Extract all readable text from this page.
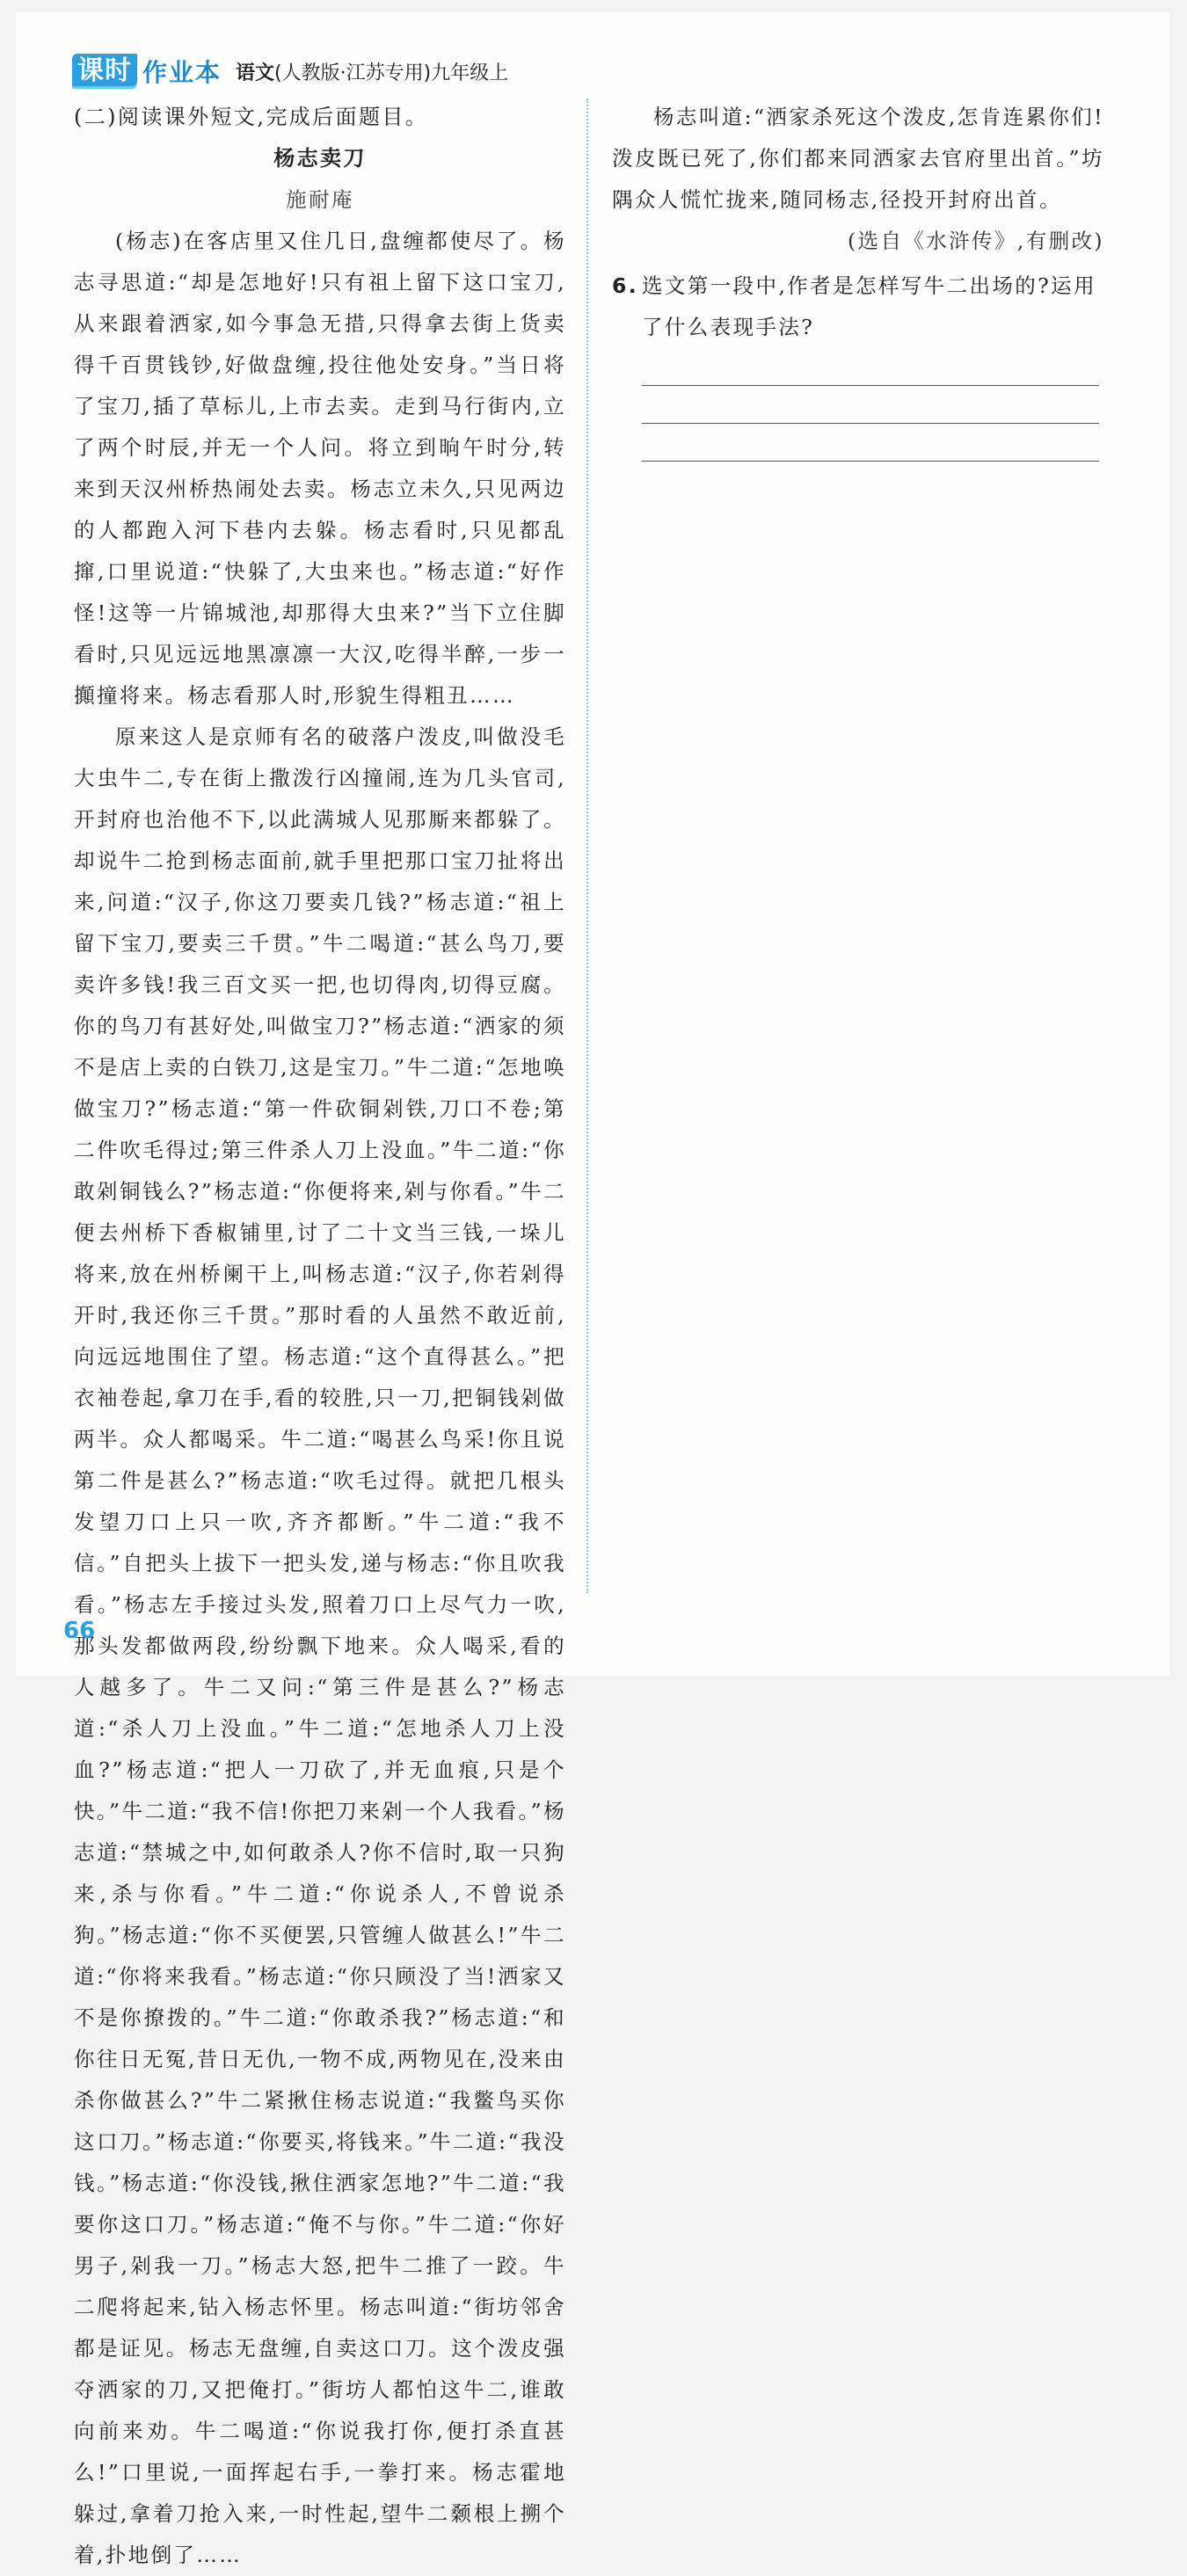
课时 作业本 语文(人教版·江苏专用)九年级上

(二)阅读课外短文,完成后面题目。

杨志卖刀

施耐庵

(杨志)在客店里又住几日,盘缠都使尽了。杨志寻思道:“却是怎地好!只有祖上留下这口宝刀,从来跟着洒家,如今事急无措,只得拿去街上货卖得千百贯钱钞,好做盘缠,投往他处安身。”当日将了宝刀,插了草标儿,上市去卖。走到马行街内,立了两个时辰,并无一个人问。将立到晌午时分,转来到天汉州桥热闹处去卖。杨志立未久,只见两边的人都跑入河下巷内去躲。杨志看时,只见都乱撺,口里说道:“快躲了,大虫来也。”杨志道:“好作怪!这等一片锦城池,却那得大虫来?”当下立住脚看时,只见远远地黑凛凛一大汉,吃得半醉,一步一攧撞将来。杨志看那人时,形貌生得粗丑……

原来这人是京师有名的破落户泼皮,叫做没毛大虫牛二,专在街上撒泼行凶撞闹,连为几头官司,开封府也治他不下,以此满城人见那厮来都躲了。却说牛二抢到杨志面前,就手里把那口宝刀扯将出来,问道:“汉子,你这刀要卖几钱?”杨志道:“祖上留下宝刀,要卖三千贯。”牛二喝道:“甚么鸟刀,要卖许多钱!我三百文买一把,也切得肉,切得豆腐。你的鸟刀有甚好处,叫做宝刀?”杨志道:“洒家的须不是店上卖的白铁刀,这是宝刀。”牛二道:“怎地唤做宝刀?”杨志道:“第一件砍铜剁铁,刀口不卷;第二件吹毛得过;第三件杀人刀上没血。”牛二道:“你敢剁铜钱么?”杨志道:“你便将来,剁与你看。”牛二便去州桥下香椒铺里,讨了二十文当三钱,一垛儿将来,放在州桥阑干上,叫杨志道:“汉子,你若剁得开时,我还你三千贯。”那时看的人虽然不敢近前,向远远地围住了望。杨志道:“这个直得甚么。”把衣袖卷起,拿刀在手,看的较胜,只一刀,把铜钱剁做两半。众人都喝采。牛二道:“喝甚么鸟采!你且说第二件是甚么?”杨志道:“吹毛过得。就把几根头发望刀口上只一吹,齐齐都断。”牛二道:“我不信。”自把头上拔下一把头发,递与杨志:“你且吹我看。”杨志左手接过头发,照着刀口上尽气力一吹,那头发都做两段,纷纷飘下地来。众人喝采,看的人越多了。牛二又问:“第三件是甚么?”杨志道:“杀人刀上没血。”牛二道:“怎地杀人刀上没血?”杨志道:“把人一刀砍了,并无血痕,只是个快。”牛二道:“我不信!你把刀来剁一个人我看。”杨志道:“禁城之中,如何敢杀人?你不信时,取一只狗来,杀与你看。”牛二道:“你说杀人,不曾说杀狗。”杨志道:“你不买便罢,只管缠人做甚么!”牛二道:“你将来我看。”杨志道:“你只顾没了当!洒家又不是你撩拨的。”牛二道:“你敢杀我?”杨志道:“和你往日无冤,昔日无仇,一物不成,两物见在,没来由杀你做甚么?”牛二紧揪住杨志说道:“我鳖鸟买你这口刀。”杨志道:“你要买,将钱来。”牛二道:“我没钱。”杨志道:“你没钱,揪住洒家怎地?”牛二道:“我要你这口刀。”杨志道:“俺不与你。”牛二道:“你好男子,剁我一刀。”杨志大怒,把牛二推了一跤。牛二爬将起来,钻入杨志怀里。杨志叫道:“街坊邻舍都是证见。杨志无盘缠,自卖这口刀。这个泼皮强夺洒家的刀,又把俺打。”街坊人都怕这牛二,谁敢向前来劝。牛二喝道:“你说我打你,便打杀直甚么!”口里说,一面挥起右手,一拳打来。杨志霍地躲过,拿着刀抢入来,一时性起,望牛二颡根上搠个着,扑地倒了……

杨志叫道:“洒家杀死这个泼皮,怎肯连累你们!泼皮既已死了,你们都来同洒家去官府里出首。”坊隅众人慌忙拢来,随同杨志,径投开封府出首。

(选自《水浒传》,有删改)

6. 选文第一段中,作者是怎样写牛二出场的?运用了什么表现手法?
66
